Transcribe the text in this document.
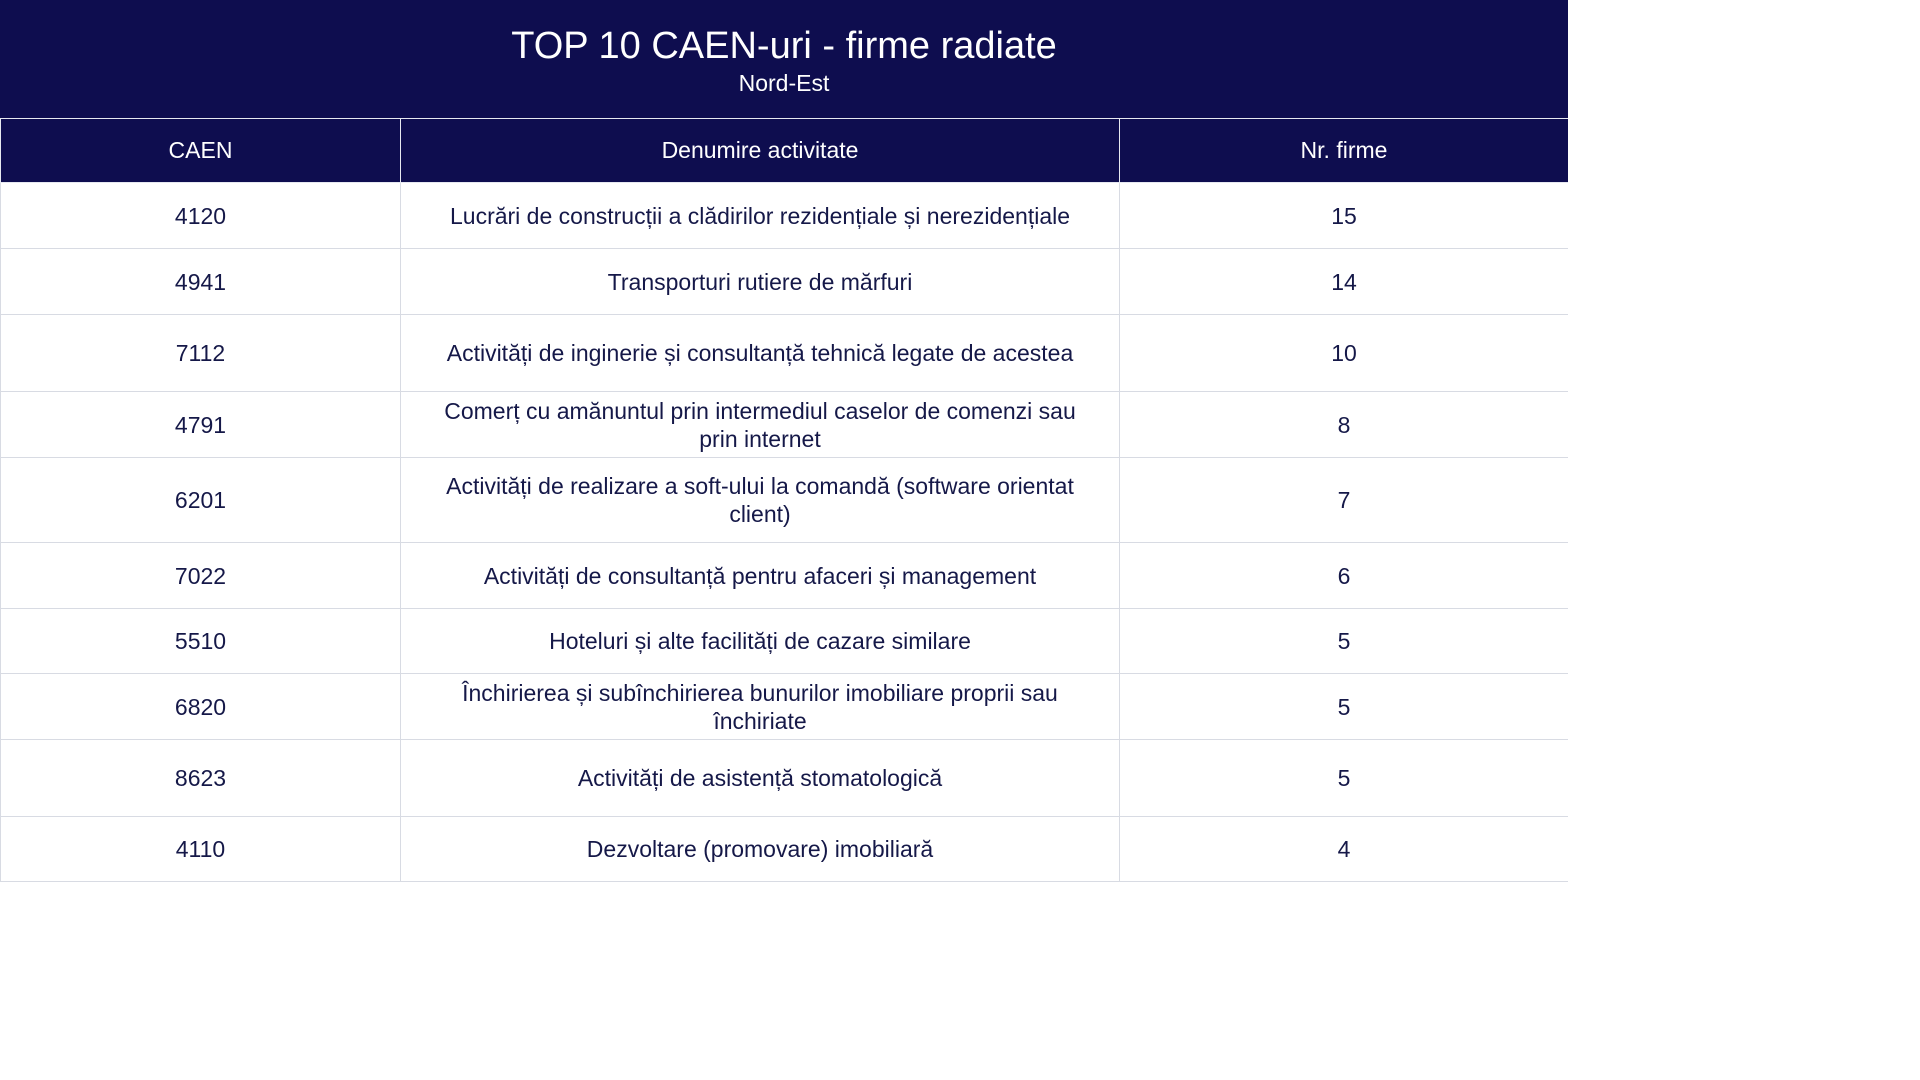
TOP 10 CAEN-uri - firme radiate
Nord-Est
CAEN	Denumire activitate	Nr. firme
4120	Lucrări de construcții a clădirilor rezidențiale și nerezidențiale	15
4941	Transporturi rutiere de mărfuri	14
7112	Activități de inginerie și consultanță tehnică legate de acestea	10
4791	Comerț cu amănuntul prin intermediul caselor de comenzi sau prin internet	8
6201	Activități de realizare a soft-ului la comandă (software orientat client)	7
7022	Activități de consultanță pentru afaceri și management	6
5510	Hoteluri și alte facilități de cazare similare	5
6820	Închirierea și subînchirierea bunurilor imobiliare proprii sau închiriate	5
8623	Activități de asistență stomatologică	5
4110	Dezvoltare (promovare) imobiliară	4
